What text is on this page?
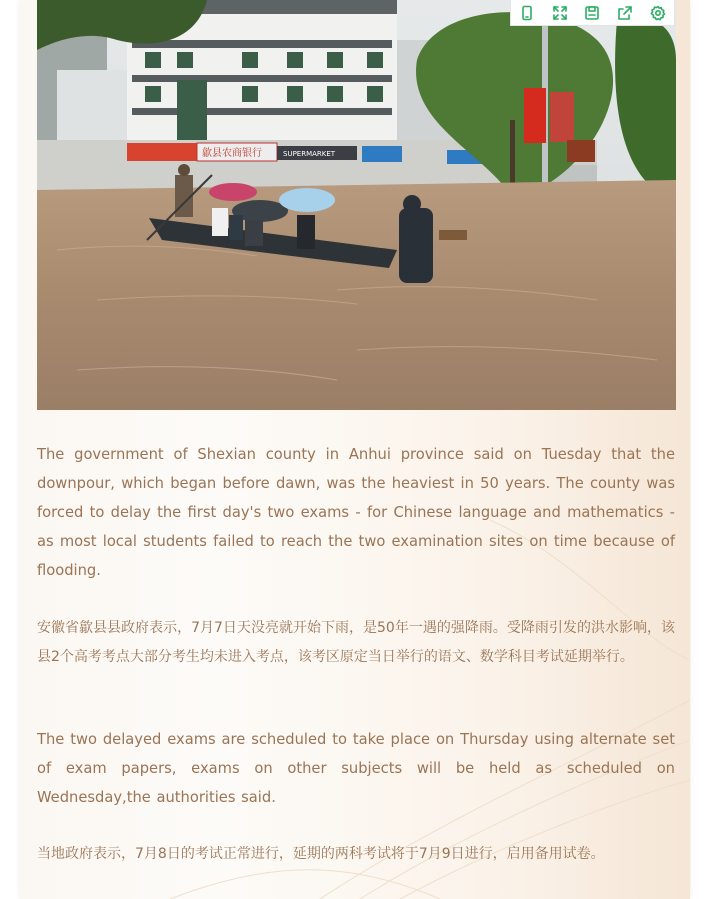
歙县农商银行	SUPERMARKET

The government of Shexian county in Anhui province said on Tuesday that the downpour, which began before dawn, was the heaviest in 50 years. The county was forced to delay the first day's two exams - for Chinese language and mathematics - as most local students failed to reach the two examination sites on time because of flooding.

安徽省歙县县政府表示，7月7日天没亮就开始下雨，是50年一遇的强降雨。受降雨引发的洪水影响，该县2个高考考点大部分考生均未进入考点，该考区原定当日举行的语文、数学科目考试延期举行。

The two delayed exams are scheduled to take place on Thursday using alternate set of exam papers, exams on other subjects will be held as scheduled on Wednesday,the authorities said.

当地政府表示，7月8日的考试正常进行，延期的两科考试将于7月9日进行，启用备用试卷。
